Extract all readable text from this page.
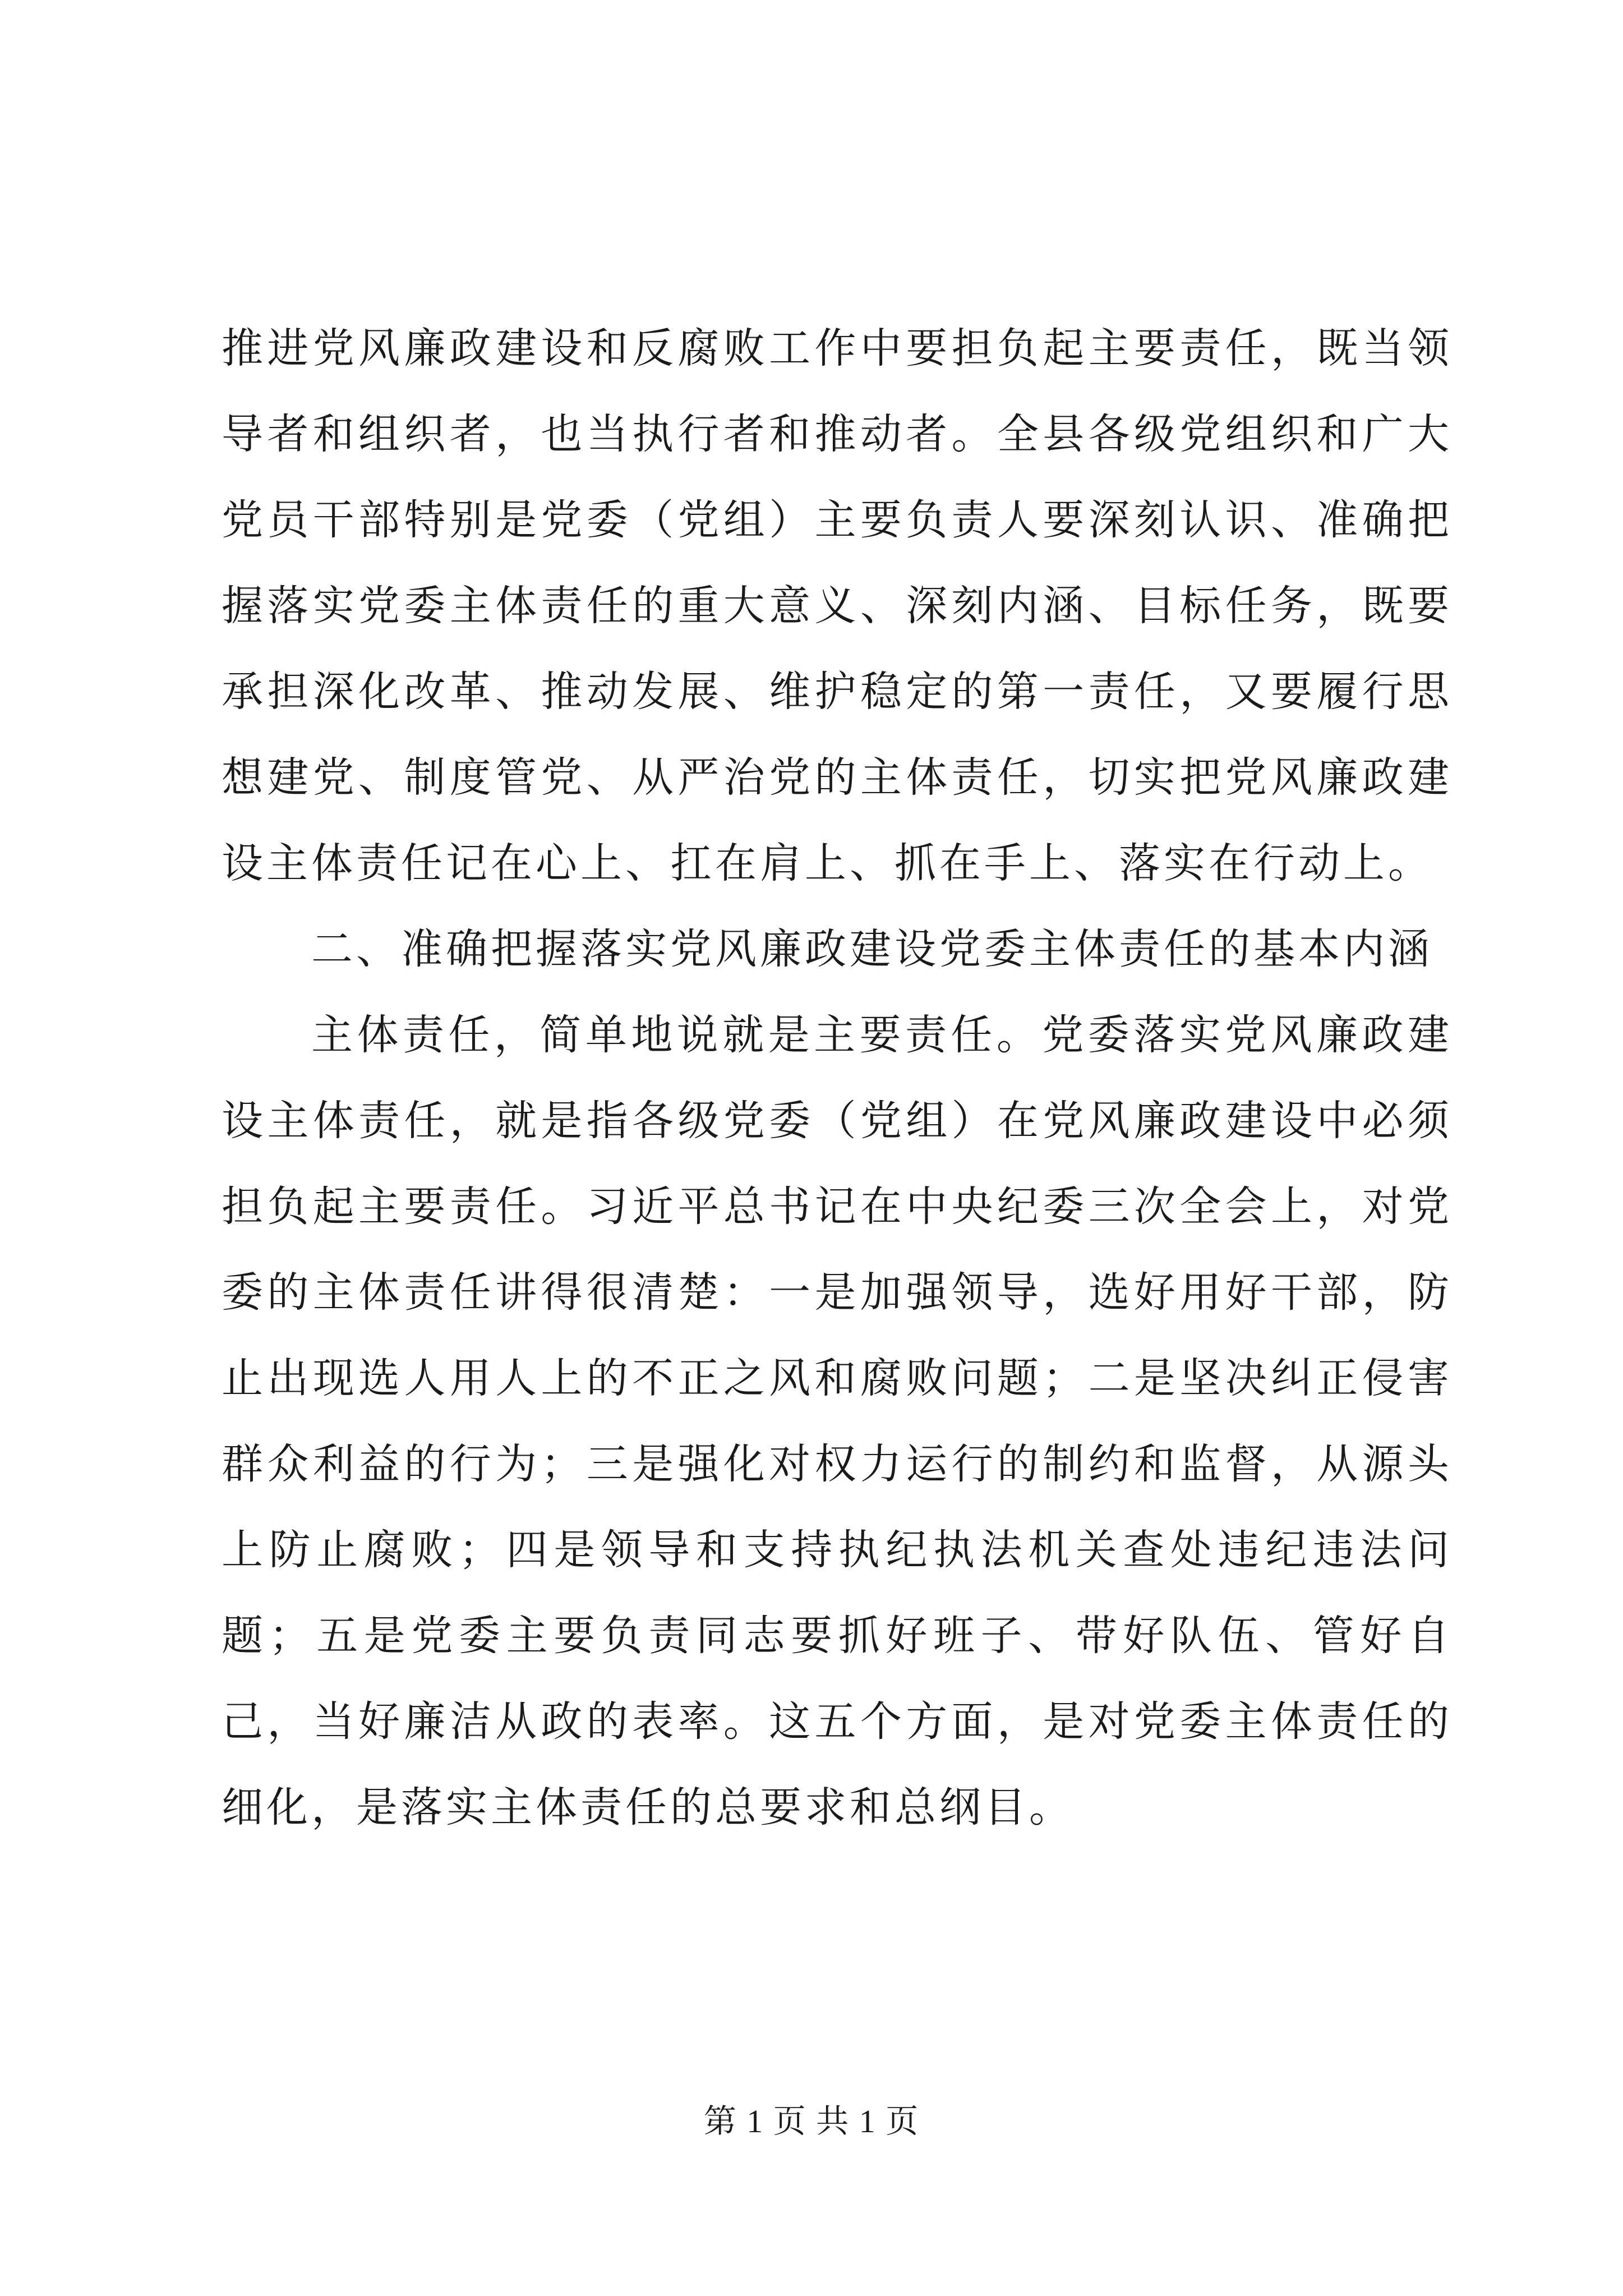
推进党风廉政建设和反腐败工作中要担负起主要责任，既当领导者和组织者，也当执行者和推动者。全县各级党组织和广大党员干部特别是党委（党组）主要负责人要深刻认识、准确把握落实党委主体责任的重大意义、深刻内涵、目标任务，既要承担深化改革、推动发展、维护稳定的第一责任，又要履行思想建党、制度管党、从严治党的主体责任，切实把党风廉政建设主体责任记在心上、扛在肩上、抓在手上、落实在行动上。

二、准确把握落实党风廉政建设党委主体责任的基本内涵

主体责任，简单地说就是主要责任。党委落实党风廉政建设主体责任，就是指各级党委（党组）在党风廉政建设中必须担负起主要责任。习近平总书记在中央纪委三次全会上，对党委的主体责任讲得很清楚：一是加强领导，选好用好干部，防止出现选人用人上的不正之风和腐败问题；二是坚决纠正侵害群众利益的行为；三是强化对权力运行的制约和监督，从源头上防止腐败；四是领导和支持执纪执法机关查处违纪违法问题；五是党委主要负责同志要抓好班子、带好队伍、管好自己，当好廉洁从政的表率。这五个方面，是对党委主体责任的细化，是落实主体责任的总要求和总纲目。

第 1 页 共 1 页
